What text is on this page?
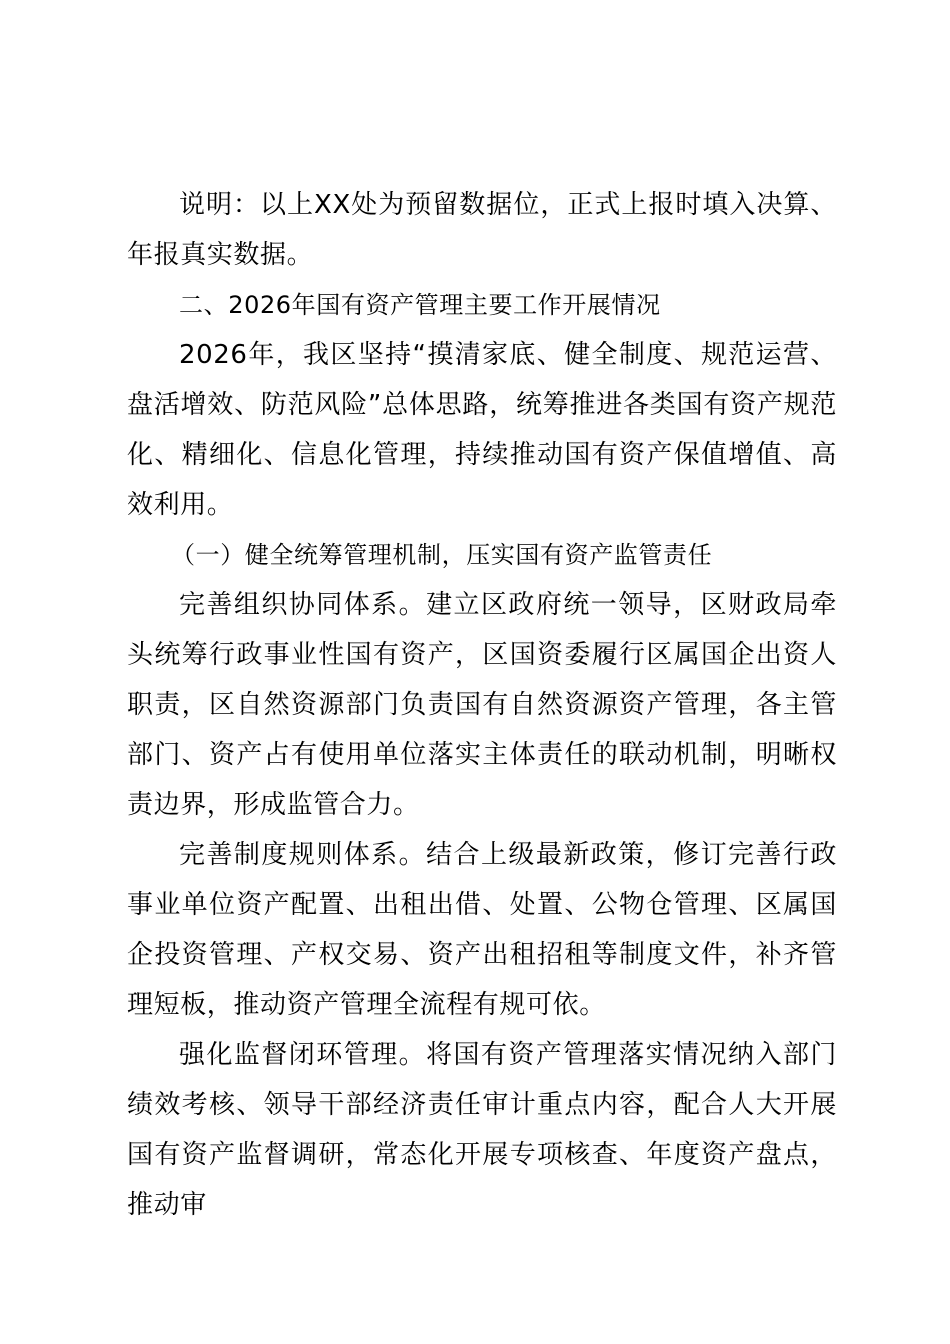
说明：以上XX处为预留数据位，正式上报时填入决算、年报真实数据。

二、2026年国有资产管理主要工作开展情况

2026年，我区坚持“摸清家底、健全制度、规范运营、盘活增效、防范风险”总体思路，统筹推进各类国有资产规范化、精细化、信息化管理，持续推动国有资产保值增值、高效利用。

（一）健全统筹管理机制，压实国有资产监管责任

完善组织协同体系。建立区政府统一领导，区财政局牵头统筹行政事业性国有资产，区国资委履行区属国企出资人职责，区自然资源部门负责国有自然资源资产管理，各主管部门、资产占有使用单位落实主体责任的联动机制，明晰权责边界，形成监管合力。

完善制度规则体系。结合上级最新政策，修订完善行政事业单位资产配置、出租出借、处置、公物仓管理、区属国企投资管理、产权交易、资产出租招租等制度文件，补齐管理短板，推动资产管理全流程有规可依。

强化监督闭环管理。将国有资产管理落实情况纳入部门绩效考核、领导干部经济责任审计重点内容，配合人大开展国有资产监督调研，常态化开展专项核查、年度资产盘点，推动审
